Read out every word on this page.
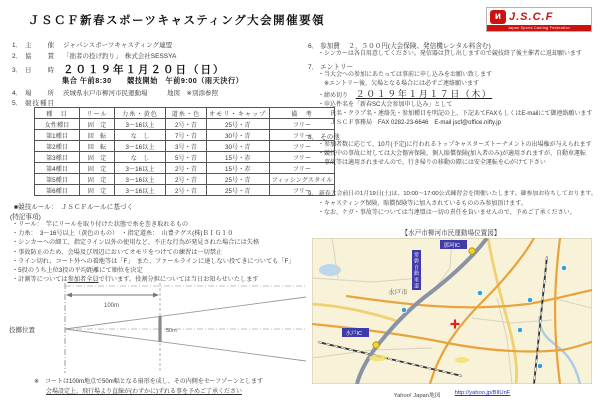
ＪＳＣＦ新春スポーツキャスティング大会開催要領	и J.S.C.F
Japan Sports Casting Federation
1． 主　　催	ジャパンスポーツキャスティング連盟
2． 協　　賛	「拙者の投げ釣り」　株式会社SESSYA
3． 日　　時 ２０１９年１月２０日（日）
集合 午前8:30　　競技開始　午前9:00（雨天決行）
4． 場　　所	茨城県水戸市柳河市民運動場　　　地図　※別添参照
5． 競技種目
種　目	リール	力糸・黄色	道糸・色	オモリ・キャップ	備　考
女性種目	固　定	3〜16以上	2号・青	25号・青	フリー
第1種目	回　転	な　し	7号・青	30号・青	フリー
第2種目	回　転	3〜16以上	3号・青	30号・青	フリー
第3種目	固　定	な　し	5号・青	15号・赤	フリー
第4種目	固　定	3〜16以上	2号・青	15号・赤	フリー
第5種目	固　定	3〜16以上	2号・青	25号・青	フィッシングスタイル
第6種目	固　定	3〜16以上	2号・青	25号・青	フリー
■競技ルール：　ＪＳＣＦルールに基づく
(特記事項)
・リール：　竿にリールを取り付けた状態で糸を巻き取れるもの
・力糸：　3〜16号以上（黄色のもの）　・指定道糸：　山豊テグス(株)ＢＩＧ１０
・シンカーへの細工、指定ライン以外の使用など、不正な行為が発見された場合には失格
・事故防止のため、会場及び周辺においてオモリをつけての練習は一切禁止
・ライン切れ、コート外への着地等は「F」　また、ファールラインに達しない投てきについても「F」
・5投のうち上位3投の平均距離にて順位を決定
・計測等については参加者全員で行います。役割分担については当日お知らせいたします
100m
50m
投擲位置
※　コートは100m地点で50m幅となる扇形を成し、その内側をセーフゾーンとします
会場設定上、飛行場より直線が(わずかに)ずれる事を予めご了承ください
6． 参加費　 ２，５００円(大会保険、発信機レンタル料含む)
・シンカーは各自用意してください。発信器は貸し出しますので競技終了後主催者に返却願います
7． エントリー
・当大会への参加にあたっては事前に申し込みをお願い致します
　※エントリー後、欠場となる場合には必ずご連絡願います
・締め切り　 ２０１９年１月１７日（木）
・申込件名を「新春SC大会参加申し込み」として
　　氏名・クラブ名・連絡先・参加種目を明記の上、下記あてFAXもしくはE-mailにて御連絡願います
　　ＪＳＣＦ事務局　FAX 0282-23-6646　E-mail jscf@office.nifty.jp
8． その他
・参加者数に応じて、10月(予定)に行われるトップキャスターズトーナメントの出場権が与えられます
・競技中の事故に対しては大会傷害保険、個人賠償保険(加入者のみ)が適用されますが、自動車運転
　事故等は適用されませんので、行き帰りの移動の際には安全運転を心がけて下さい
9． 新春大会前日の1月19日(土)は、10:00〜17:00公式練習会を開催いたします。御参加お待ちしております。
・キャスティング保険、賠償保険等に加入されているもののみ参加頂けます。
・なお、ケガ・事故等については当連盟は一切の責任を負いませんので、予めご了承ください。
【水戸市柳河市民運動場位置図】
那珂IC
水戸IC
常磐自動車道
水戸市
Yahoo! Japan地図 http://yahoo.jp/BIlUnF
